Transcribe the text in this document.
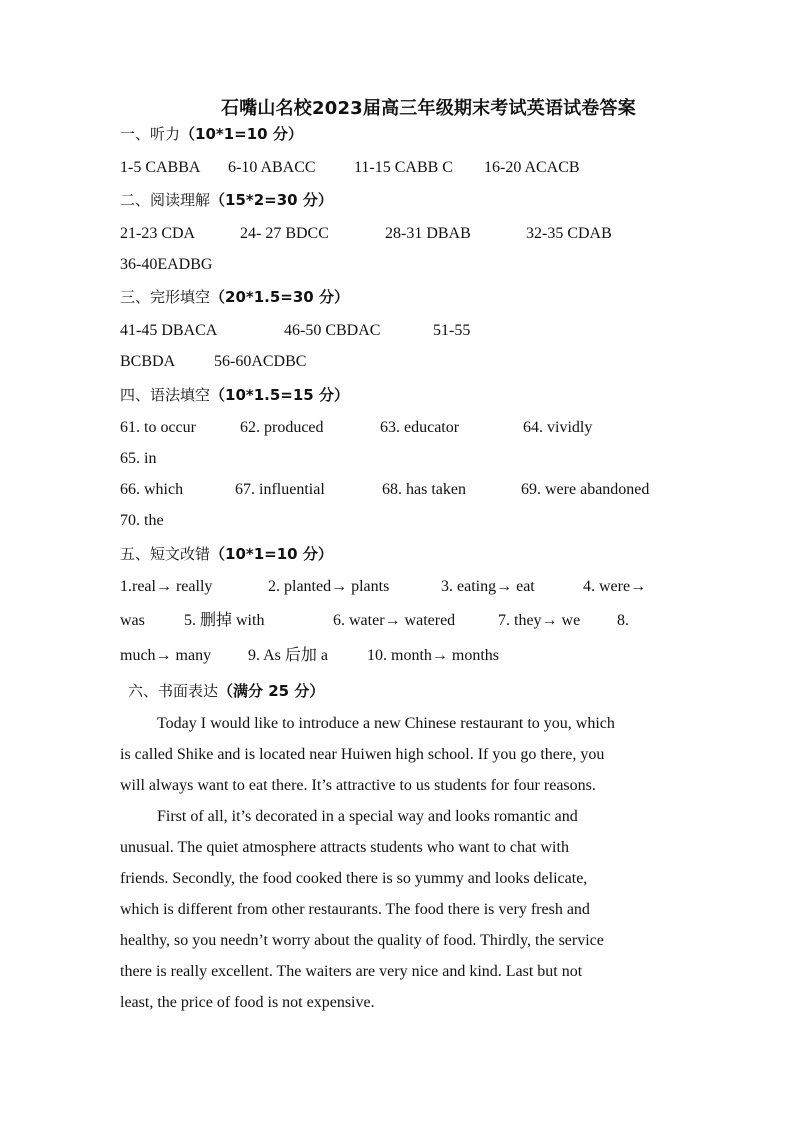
石嘴山名校2023届高三年级期末考试英语试卷答案
一、听力（10*1=10 分）
1-5 CABBA 6-10 ABACC 11-15 CABB C 16-20 ACACB
二、阅读理解（15*2=30 分）
21-23 CDA	24- 27 BDCC	28-31 DBAB	32-35 CDAB
36-40EADBG
三、完形填空（20*1.5=30 分）
41-45 DBACA	46-50 CBDAC	51-55
BCBDA 56-60ACDBC
四、语法填空（10*1.5=15 分）
61. to occur	62. produced	63. educator	64. vividly
65. in
66. which	67. influential	68. has taken	69. were abandoned
70. the
五、短文改错（10*1=10 分）
1.real→ really	2. planted→ plants	3. eating→ eat	4. were→
was 5. 删掉 with	6. water→ watered	7. they→ we 8.
much→ many 9. As 后加 a 10. month→ months
六、书面表达（满分 25 分）
Today I would like to introduce a new Chinese restaurant to you, which
is called Shike and is located near Huiwen high school. If you go there, you
will always want to eat there. It’s attractive to us students for four reasons.
First of all, it’s decorated in a special way and looks romantic and
unusual. The quiet atmosphere attracts students who want to chat with
friends. Secondly, the food cooked there is so yummy and looks delicate,
which is different from other restaurants. The food there is very fresh and
healthy, so you needn’t worry about the quality of food. Thirdly, the service
there is really excellent. The waiters are very nice and kind. Last but not
least, the price of food is not expensive.
